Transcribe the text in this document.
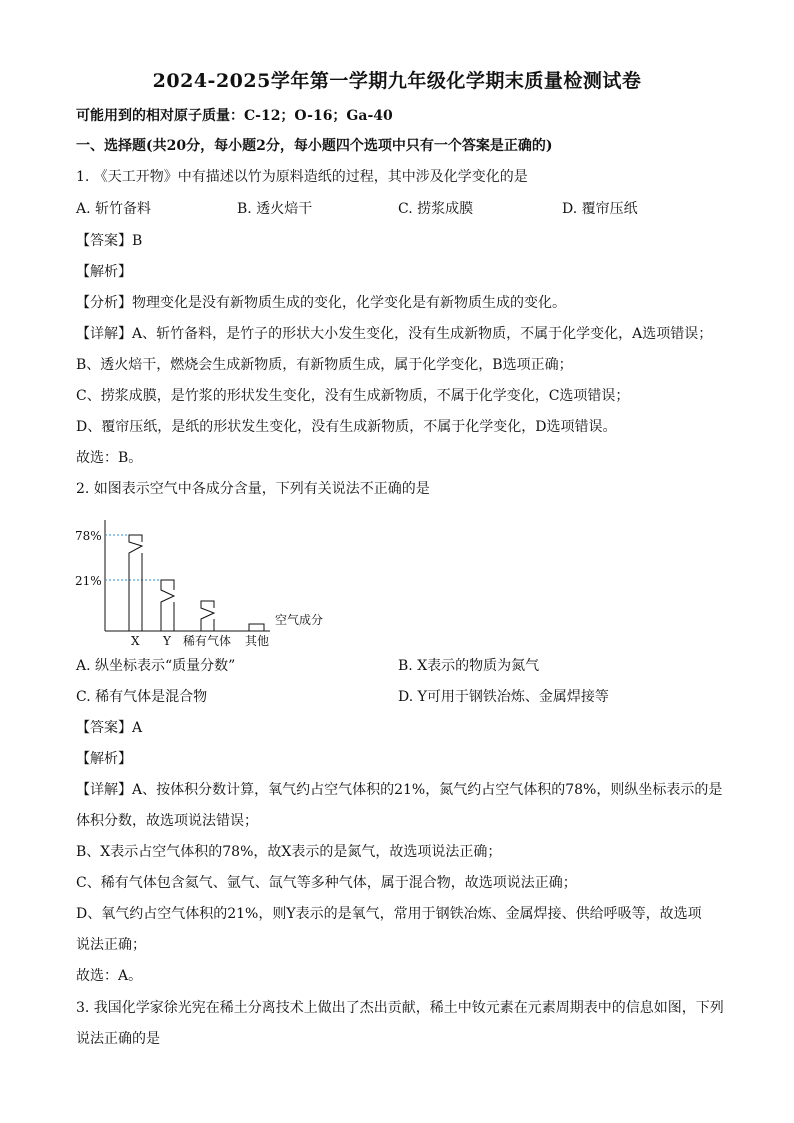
2024-2025学年第一学期九年级化学期末质量检测试卷
可能用到的相对原子质量：C-12；O-16；Ga-40
一、选择题(共20分，每小题2分，每小题四个选项中只有一个答案是正确的)
1. 《天工开物》中有描述以竹为原料造纸的过程，其中涉及化学变化的是
A. 斩竹备料	B. 透火焙干	C. 捞浆成膜	D. 覆帘压纸
【答案】B
【解析】
【分析】物理变化是没有新物质生成的变化，化学变化是有新物质生成的变化。
【详解】A、斩竹备料，是竹子的形状大小发生变化，没有生成新物质，不属于化学变化，A选项错误；
B、透火焙干，燃烧会生成新物质，有新物质生成，属于化学变化，B选项正确；
C、捞浆成膜，是竹浆的形状发生变化，没有生成新物质，不属于化学变化，C选项错误；
D、覆帘压纸，是纸的形状发生变化，没有生成新物质，不属于化学变化，D选项错误。
故选：B。
2. 如图表示空气中各成分含量，下列有关说法不正确的是
78%
21%
X Y 稀有气体 其他
空气成分
A. 纵坐标表示“质量分数”	B. X表示的物质为氮气
C. 稀有气体是混合物	D. Y可用于钢铁冶炼、金属焊接等
【答案】A
【解析】
【详解】A、按体积分数计算，氧气约占空气体积的21%，氮气约占空气体积的78%，则纵坐标表示的是
体积分数，故选项说法错误；
B、X表示占空气体积的78%，故X表示的是氮气，故选项说法正确；
C、稀有气体包含氦气、氩气、氙气等多种气体，属于混合物，故选项说法正确；
D、氧气约占空气体积的21%，则Y表示的是氧气，常用于钢铁冶炼、金属焊接、供给呼吸等，故选项
说法正确；
故选：A。
3. 我国化学家徐光宪在稀土分离技术上做出了杰出贡献，稀土中钕元素在元素周期表中的信息如图，下列
说法正确的是
